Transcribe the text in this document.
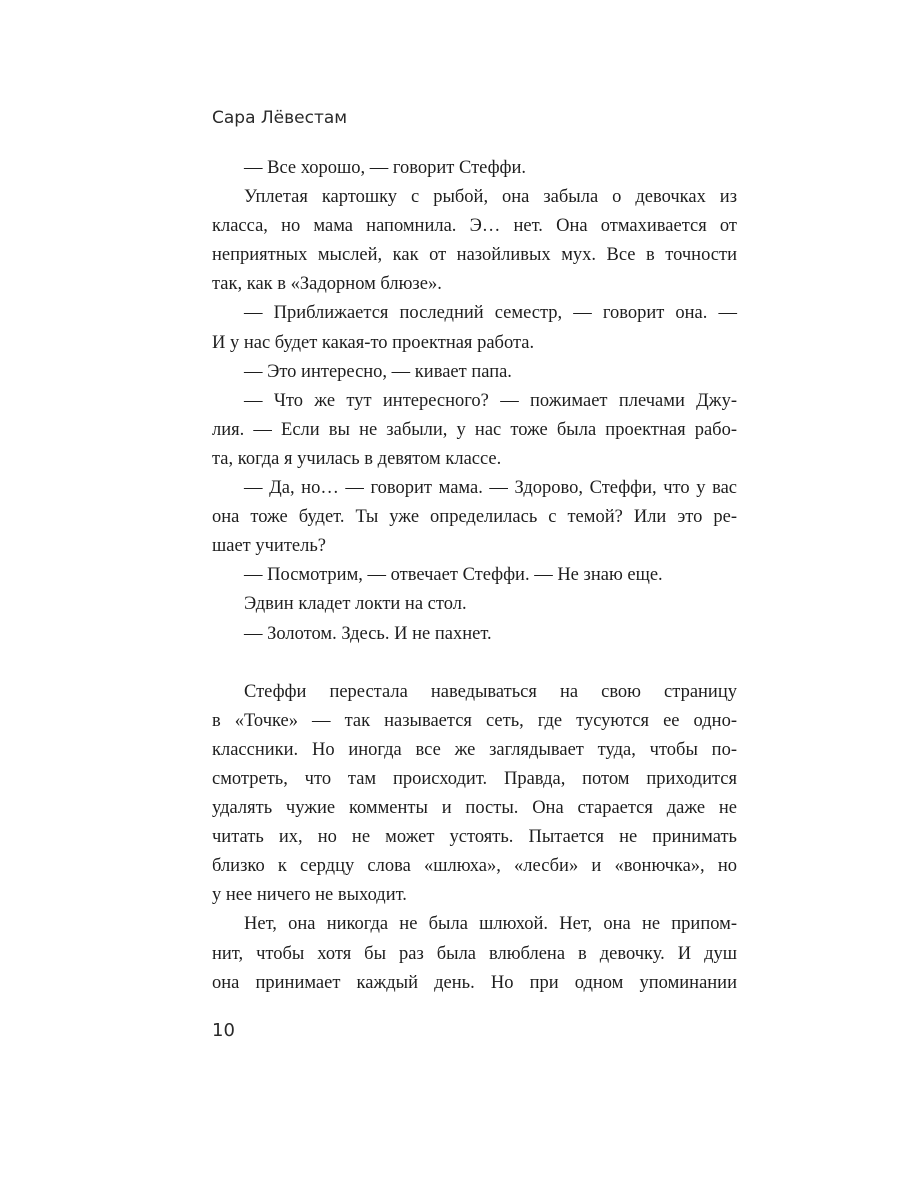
Сара Лёвестам
— Все хорошо, — говорит Стеффи.
Уплетая картошку с рыбой, она забыла о девочках из
класса, но мама напомнила. Э… нет. Она отмахивается от
неприятных мыслей, как от назойливых мух. Все в точности
так, как в «Задорном блюзе».
— Приближается последний семестр, — говорит она. —
И у нас будет какая-то проектная работа.
— Это интересно, — кивает папа.
— Что же тут интересного? — пожимает плечами Джу-
лия. — Если вы не забыли, у нас тоже была проектная рабо-
та, когда я училась в девятом классе.
— Да, но… — говорит мама. — Здорово, Стеффи, что у вас
она тоже будет. Ты уже определилась с темой? Или это ре-
шает учитель?
— Посмотрим, — отвечает Стеффи. — Не знаю еще.
Эдвин кладет локти на стол.
— Золотом. Здесь. И не пахнет.
Стеффи перестала наведываться на свою страницу
в «Точке» — так называется сеть, где тусуются ее одно-
классники. Но иногда все же заглядывает туда, чтобы по-
смотреть, что там происходит. Правда, потом приходится
удалять чужие комменты и посты. Она старается даже не
читать их, но не может устоять. Пытается не принимать
близко к сердцу слова «шлюха», «лесби» и «вонючка», но
у нее ничего не выходит.
Нет, она никогда не была шлюхой. Нет, она не припом-
нит, чтобы хотя бы раз была влюблена в девочку. И душ
она принимает каждый день. Но при одном упоминании
10
